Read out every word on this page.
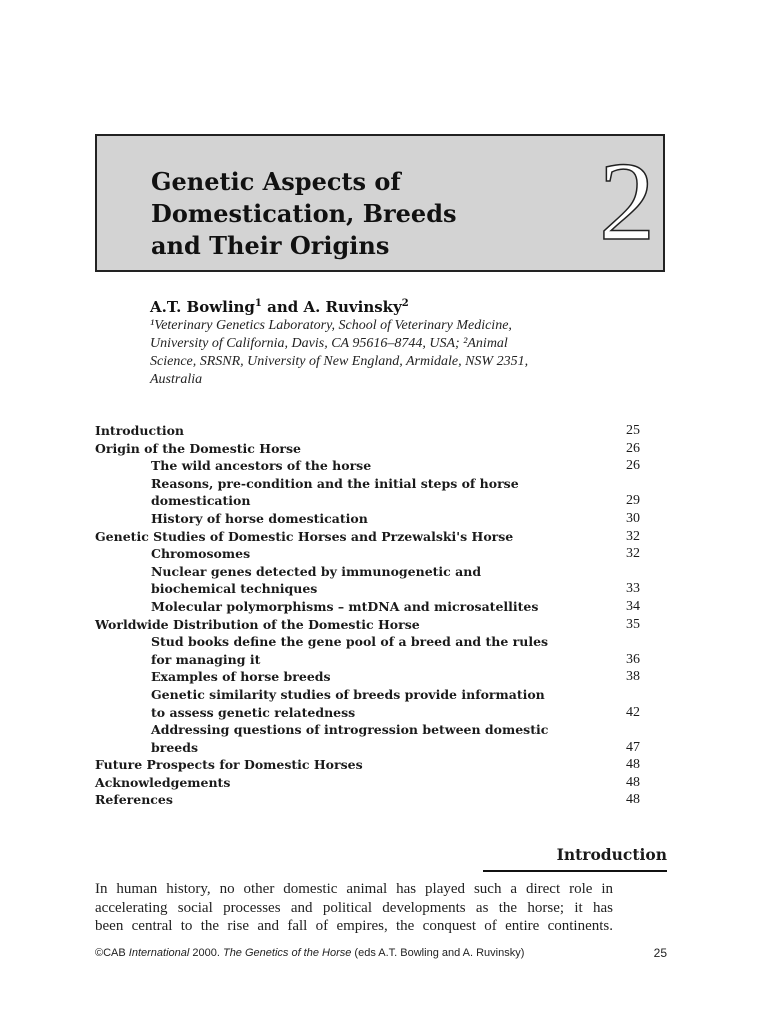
Genetic Aspects of
Domestication, Breeds
and Their Origins	2

A.T. Bowling$^1$ and A. Ruvinsky$^2$

¹Veterinary Genetics Laboratory, School of Veterinary Medicine,
University of California, Davis, CA 95616–8744, USA; ²Animal
Science, SRSNR, University of New England, Armidale, NSW 2351,
Australia
Introduction	25
Origin of the Domestic Horse	26
The wild ancestors of the horse	26
Reasons, pre-condition and the initial steps of horse
domestication	29
History of horse domestication	30
Genetic Studies of Domestic Horses and Przewalski's Horse	32
Chromosomes	32
Nuclear genes detected by immunogenetic and
biochemical techniques	33
Molecular polymorphisms – mtDNA and microsatellites	34
Worldwide Distribution of the Domestic Horse	35
Stud books define the gene pool of a breed and the rules
for managing it	36
Examples of horse breeds	38
Genetic similarity studies of breeds provide information
to assess genetic relatedness	42
Addressing questions of introgression between domestic
breeds	47
Future Prospects for Domestic Horses	48
Acknowledgements	48
References	48
Introduction
In human history, no other domestic animal has played such a direct role in
accelerating social processes and political developments as the horse; it has
been central to the rise and fall of empires, the conquest of entire continents.
©CAB International 2000. The Genetics of the Horse (eds A.T. Bowling and A. Ruvinsky)	25
